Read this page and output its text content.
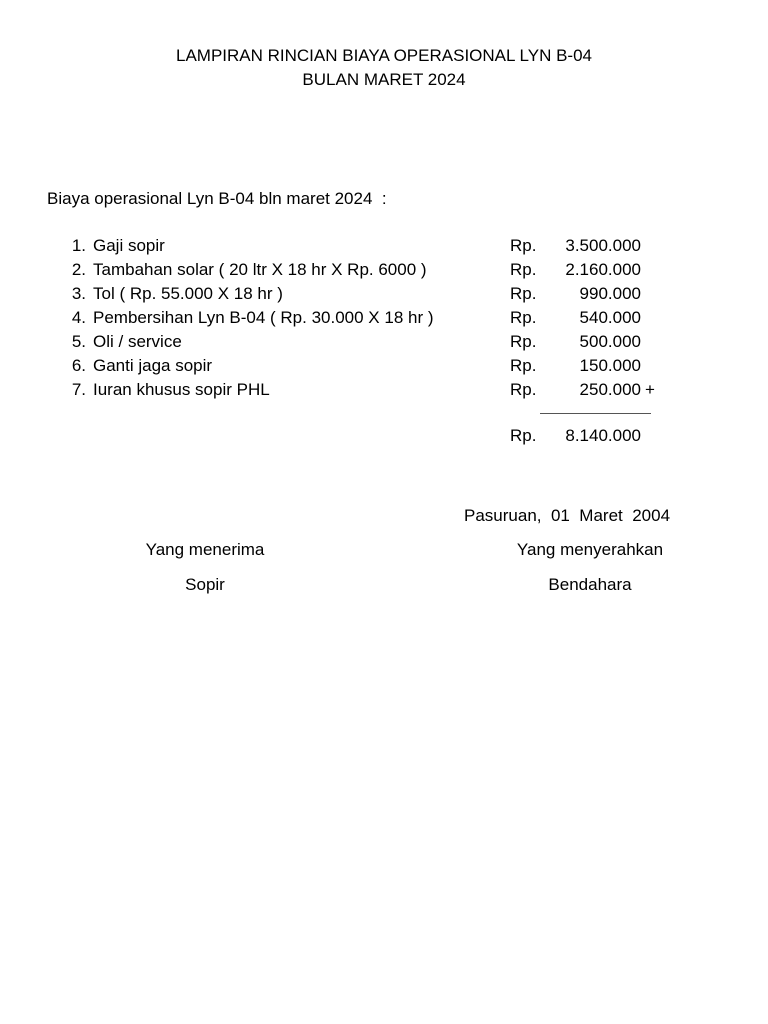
LAMPIRAN RINCIAN BIAYA OPERASIONAL LYN B-04
BULAN MARET 2024
Biaya operasional Lyn B-04 bln maret 2024  :
1. Gaji sopir	Rp.	3.500.000
2. Tambahan solar ( 20 ltr X 18 hr X Rp. 6000 )	Rp.	2.160.000
3. Tol ( Rp. 55.000 X 18 hr )	Rp.	990.000
4. Pembersihan Lyn B-04 ( Rp. 30.000 X 18 hr )	Rp.	540.000
5. Oli / service	Rp.	500.000
6. Ganti jaga sopir	Rp.	150.000
7. Iuran khusus sopir PHL	Rp.	250.000 +
Rp.	8.140.000
Pasuruan,  01  Maret  2004
Yang menerima
Sopir
Yang menyerahkan
Bendahara
